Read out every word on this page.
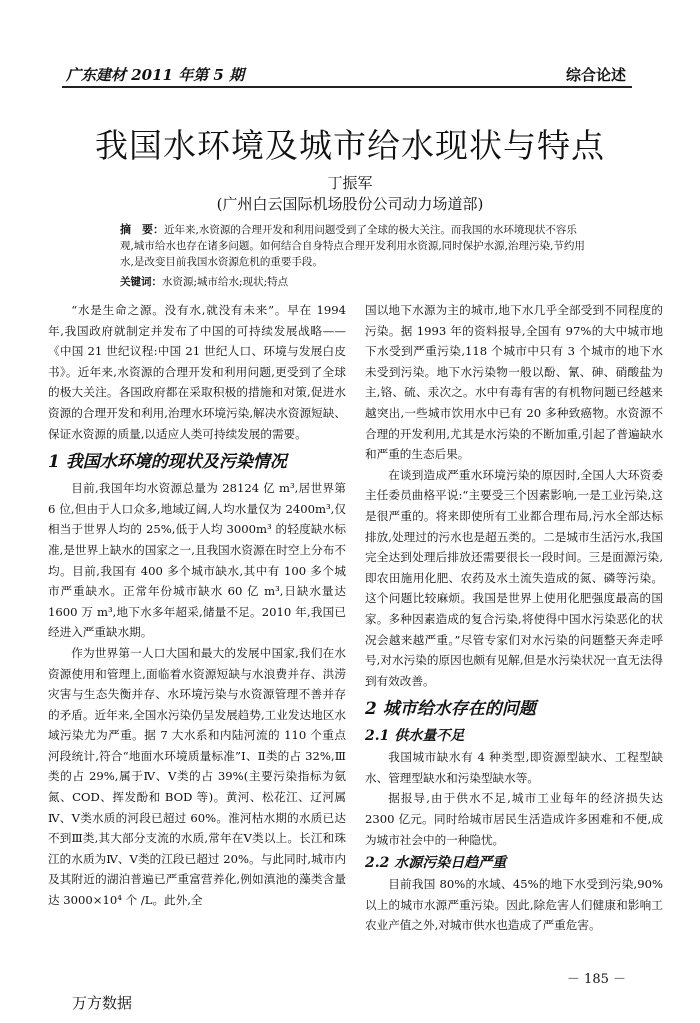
广东建材 2011 年第 5 期	综合论述
我国水环境及城市给水现状与特点
丁振军
(广州白云国际机场股份公司动力场道部)
摘　要：近年来,水资源的合理开发和利用问题受到了全球的极大关注。而我国的水环境现状不容乐观,城市给水也存在诸多问题。如何结合自身特点合理开发利用水资源,同时保护水源,治理污染,节约用水,是改变目前我国水资源危机的重要手段。
关键词：水资源;城市给水;现状;特点

“水是生命之源。没有水,就没有未来”。早在 1994 年,我国政府就制定并发布了中国的可持续发展战略——《中国 21 世纪议程:中国 21 世纪人口、环境与发展白皮书》。近年来,水资源的合理开发和利用问题,更受到了全球的极大关注。各国政府都在采取积极的措施和对策,促进水资源的合理开发和利用,治理水环境污染,解决水资源短缺、保证水资源的质量,以适应人类可持续发展的需要。

1 我国水环境的现状及污染情况

目前,我国年均水资源总量为 28124 亿 m³,居世界第 6 位,但由于人口众多,地域辽阔,人均水量仅为 2400m³,仅相当于世界人均的 25%,低于人均 3000m³ 的轻度缺水标准,是世界上缺水的国家之一,且我国水资源在时空上分布不均。目前,我国有 400 多个城市缺水,其中有 100 多个城市严重缺水。正常年份城市缺水 60 亿 m³,日缺水量达 1600 万 m³,地下水多年超采,储量不足。2010 年,我国已经进入严重缺水期。

作为世界第一人口大国和最大的发展中国家,我们在水资源使用和管理上,面临着水资源短缺与水浪费并存、洪涝灾害与生态失衡并存、水环境污染与水资源管理不善并存的矛盾。近年来,全国水污染仍呈发展趋势,工业发达地区水域污染尤为严重。据 7 大水系和内陆河流的 110 个重点河段统计,符合“地面水环境质量标准”Ⅰ、Ⅱ类的占 32%,Ⅲ类的占 29%,属于Ⅳ、Ⅴ类的占 39%(主要污染指标为氨氮、COD、挥发酚和 BOD 等)。黄河、松花江、辽河属Ⅳ、Ⅴ类水质的河段已超过 60%。淮河枯水期的水质已达不到Ⅲ类,其大部分支流的水质,常年在Ⅴ类以上。长江和珠江的水质为Ⅳ、Ⅴ类的江段已超过 20%。与此同时,城市内及其附近的湖泊普遍已严重富营养化,例如滇池的藻类含量达 3000×10⁴ 个 /L。此外,全

国以地下水源为主的城市,地下水几乎全部受到不同程度的污染。据 1993 年的资料报导,全国有 97%的大中城市地下水受到严重污染,118 个城市中只有 3 个城市的地下水未受到污染。地下水污染物一般以酚、氰、砷、硝酸盐为主,铬、硫、汞次之。水中有毒有害的有机物问题已经越来越突出,一些城市饮用水中已有 20 多种致癌物。水资源不合理的开发利用,尤其是水污染的不断加重,引起了普遍缺水和严重的生态后果。

在谈到造成严重水环境污染的原因时,全国人大环资委主任委员曲格平说:“主要受三个因素影响,一是工业污染,这是很严重的。将来即使所有工业都合理布局,污水全部达标排放,处理过的污水也是超五类的。二是城市生活污水,我国完全达到处理后排放还需要很长一段时间。三是面源污染,即农田施用化肥、农药及水土流失造成的氮、磷等污染。这个问题比较麻烦。我国是世界上使用化肥强度最高的国家。多种因素造成的复合污染,将使得中国水污染恶化的状况会越来越严重。”尽管专家们对水污染的问题整天奔走呼号,对水污染的原因也颇有见解,但是水污染状况一直无法得到有效改善。

2 城市给水存在的问题
2.1 供水量不足

我国城市缺水有 4 种类型,即资源型缺水、工程型缺水、管理型缺水和污染型缺水等。

据报导,由于供水不足,城市工业每年的经济损失达 2300 亿元。同时给城市居民生活造成许多困难和不便,成为城市社会中的一种隐忧。

2.2 水源污染日趋严重

目前我国 80%的水域、45%的地下水受到污染,90%以上的城市水源严重污染。因此,除危害人们健康和影响工农业产值之外,对城市供水也造成了严重危害。

－ 185 －
万方数据
